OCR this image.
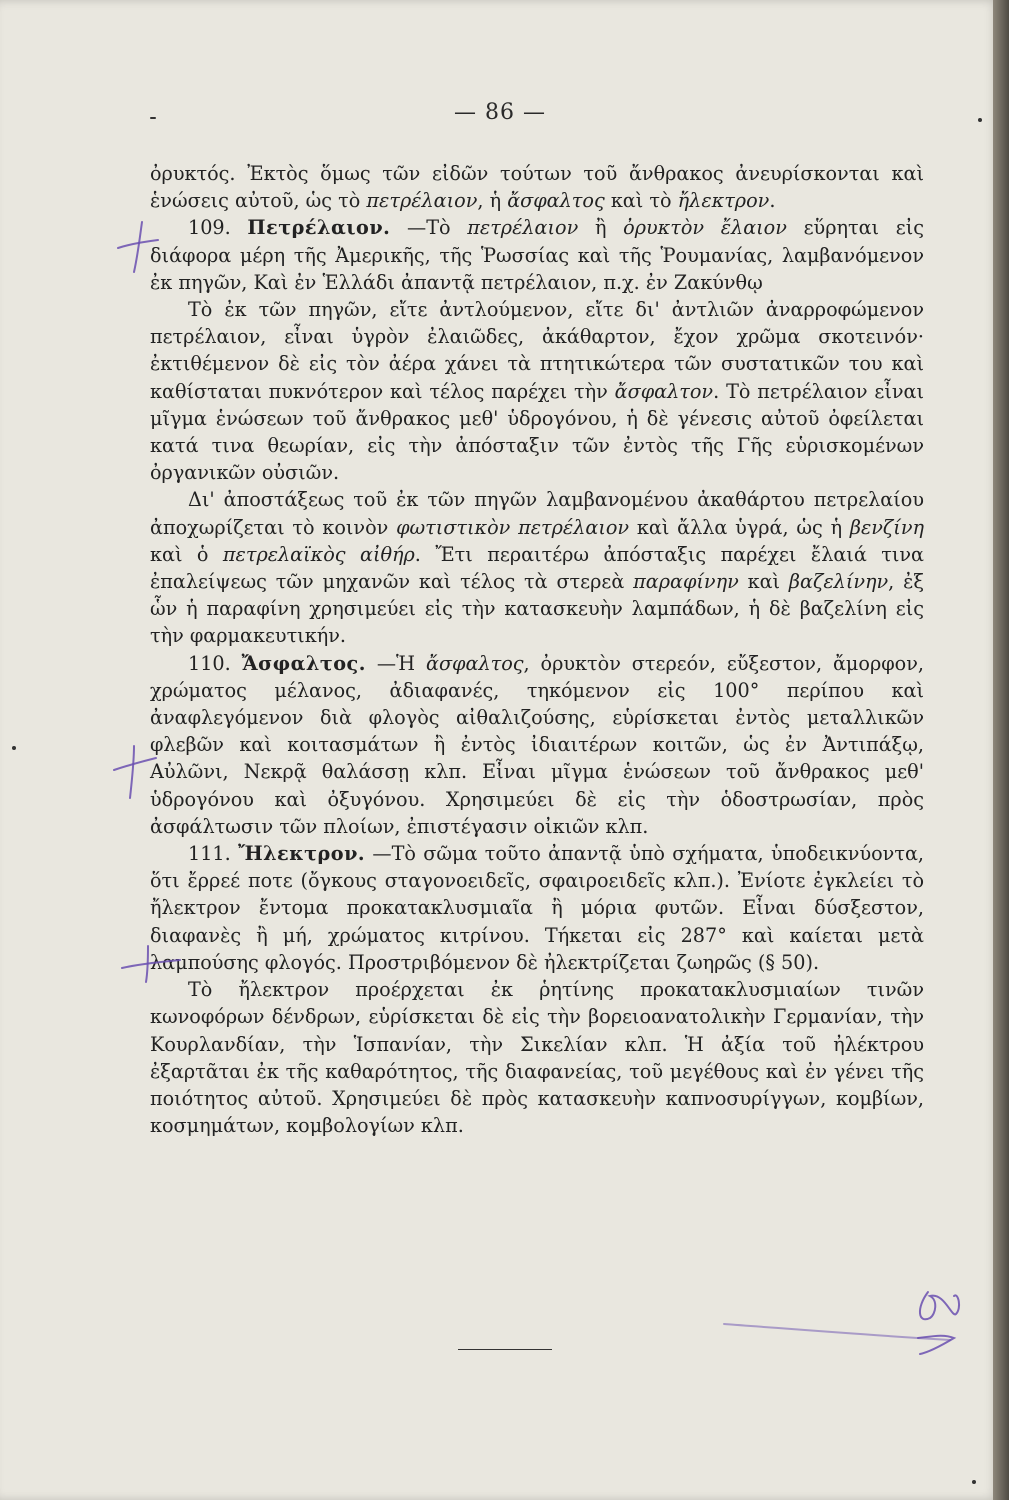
— 86 —

ὀρυκτός. Ἐκτὸς ὅμως τῶν εἰδῶν τούτων τοῦ ἄνθρακος ἀνευρίσκονται καὶ ἑνώσεις αὐτοῦ, ὡς τὸ πετρέλαιον, ἡ ἄσφαλτος καὶ τὸ ἤλεκτρον.

109. Πετρέλαιον. —Τὸ πετρέλαιον ἢ ὀρυκτὸν ἔλαιον εὕρηται εἰς διάφορα μέρη τῆς Ἀμερικῆς, τῆς Ῥωσσίας καὶ τῆς Ῥουμανίας, λαμβανόμενον ἐκ πηγῶν, Καὶ ἐν Ἑλλάδι ἀπαντᾷ πετρέλαιον, π.χ. ἐν Ζακύνθῳ

Τὸ ἐκ τῶν πηγῶν, εἴτε ἀντλούμενον, εἴτε δι' ἀντλιῶν ἀναρροφώμενον πετρέλαιον, εἶναι ὑγρὸν ἐλαιῶδες, ἀκάθαρτον, ἔχον χρῶμα σκοτεινόν· ἐκτιθέμενον δὲ εἰς τὸν ἀέρα χάνει τὰ πτητικώτερα τῶν συστατικῶν του καὶ καθίσταται πυκνότερον καὶ τέλος παρέχει τὴν ἄσφαλτον. Τὸ πετρέλαιον εἶναι μῖγμα ἑνώσεων τοῦ ἄνθρακος μεθ' ὑδρογόνου, ἡ δὲ γένεσις αὐτοῦ ὀφείλεται κατά τινα θεωρίαν, εἰς τὴν ἀπόσταξιν τῶν ἐντὸς τῆς Γῆς εὑρισκομένων ὀργανικῶν οὐσιῶν.

Δι' ἀποστάξεως τοῦ ἐκ τῶν πηγῶν λαμβανομένου ἀκαθάρτου πετρελαίου ἀποχωρίζεται τὸ κοινὸν φωτιστικὸν πετρέλαιον καὶ ἄλλα ὑγρά, ὡς ἡ βενζίνη καὶ ὁ πετρελαϊκὸς αἰθήρ. Ἔτι περαιτέρω ἀπόσταξις παρέχει ἔλαιά τινα ἐπαλείψεως τῶν μηχανῶν καὶ τέλος τὰ στερεὰ παραφίνην καὶ βαζελίνην, ἐξ ὧν ἡ παραφίνη χρησιμεύει εἰς τὴν κατασκευὴν λαμπάδων, ἡ δὲ βαζελίνη εἰς τὴν φαρμακευτικήν.

110. Ἄσφαλτος. —Ἡ ἄσφαλτος, ὀρυκτὸν στερεόν, εὔξεστον, ἄμορφον, χρώματος μέλανος, ἀδιαφανές, τηκόμενον εἰς 100° περίπου καὶ ἀναφλεγόμενον διὰ φλογὸς αἰθαλιζούσης, εὑρίσκεται ἐντὸς μεταλλικῶν φλεβῶν καὶ κοιτασμάτων ἢ ἐντὸς ἰδιαιτέρων κοιτῶν, ὡς ἐν Ἀντιπάξῳ, Αὐλῶνι, Νεκρᾷ θαλάσσῃ κλπ. Εἶναι μῖγμα ἑνώσεων τοῦ ἄνθρακος μεθ' ὑδρογόνου καὶ ὀξυγόνου. Χρησιμεύει δὲ εἰς τὴν ὁδοστρωσίαν, πρὸς ἀσφάλτωσιν τῶν πλοίων, ἐπιστέγασιν οἰκιῶν κλπ.

111. Ἤλεκτρον. —Τὸ σῶμα τοῦτο ἀπαντᾷ ὑπὸ σχήματα, ὑποδεικνύοντα, ὅτι ἔρρεέ ποτε (ὄγκους σταγονοειδεῖς, σφαιροειδεῖς κλπ.). Ἐνίοτε ἐγκλείει τὸ ἤλεκτρον ἔντομα προκατακλυσμιαῖα ἢ μόρια φυτῶν. Εἶναι δύσξεστον, διαφανὲς ἢ μή, χρώματος κιτρίνου. Τήκεται εἰς 287° καὶ καίεται μετὰ λαμπούσης φλογός. Προστριβόμενον δὲ ἠλεκτρίζεται ζωηρῶς (§ 50).

Τὸ ἤλεκτρον προέρχεται ἐκ ῥητίνης προκατακλυσμιαίων τινῶν κωνοφόρων δένδρων, εὑρίσκεται δὲ εἰς τὴν βορειοανατολικὴν Γερμανίαν, τὴν Κουρλανδίαν, τὴν Ἱσπανίαν, τὴν Σικελίαν κλπ. Ἡ ἀξία τοῦ ἠλέκτρου ἐξαρτᾶται ἐκ τῆς καθαρότητος, τῆς διαφανείας, τοῦ μεγέθους καὶ ἐν γένει τῆς ποιότητος αὐτοῦ. Χρησιμεύει δὲ πρὸς κατασκευὴν καπνοσυρίγγων, κομβίων, κοσμημάτων, κομβολογίων κλπ.
